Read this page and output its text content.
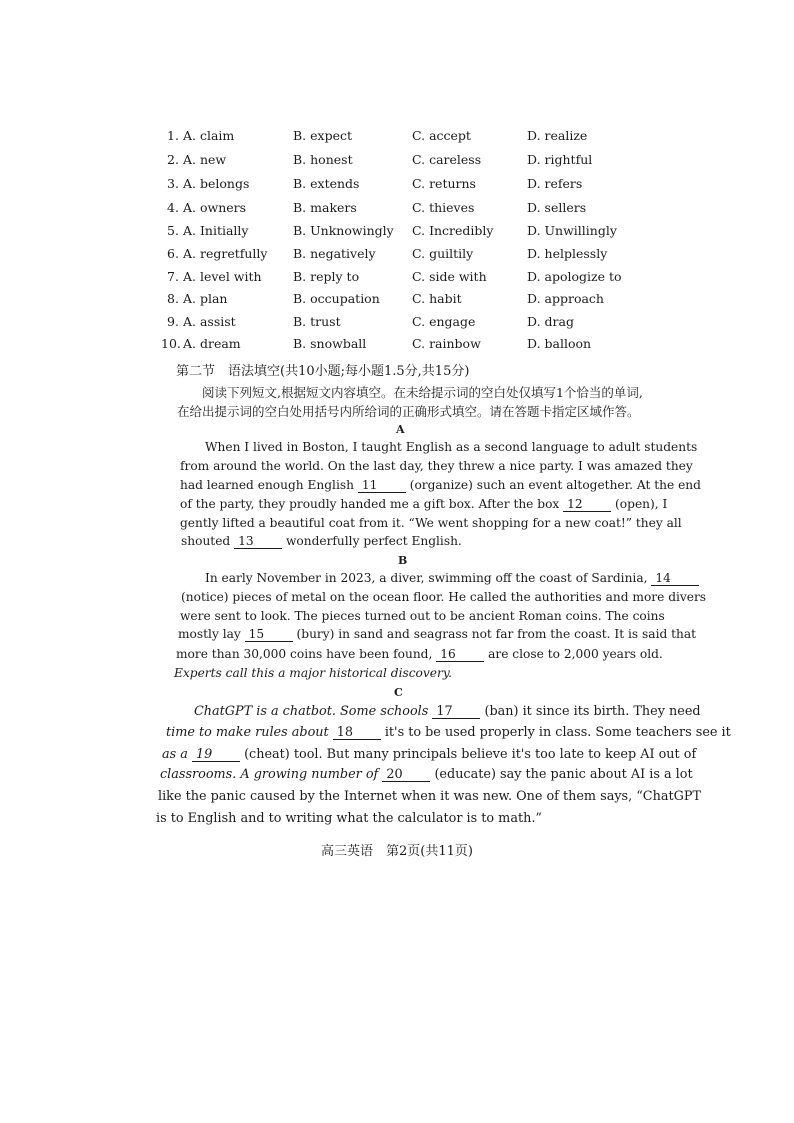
1. A. claim	B. expect	C. accept	D. realize
2. A. new	B. honest	C. careless	D. rightful
3. A. belongs	B. extends	C. returns	D. refers
4. A. owners	B. makers	C. thieves	D. sellers
5. A. Initially	B. Unknowingly C. Incredibly	D. Unwillingly
6. A. regretfully B. negatively	C. guiltily	D. helplessly
7. A. level with	B. reply to	C. side with	D. apologize to
8. A. plan	B. occupation	C. habit	D. approach
9. A. assist	B. trust	C. engage	D. drag
10. A. dream	B. snowball	C. rainbow	D. balloon
第二节　语法填空(共10小题;每小题1.5分,共15分)
阅读下列短文,根据短文内容填空。在未给提示词的空白处仅填写1个恰当的单词,
在给出提示词的空白处用括号内所给词的正确形式填空。请在答题卡指定区域作答。
A
When I lived in Boston, I taught English as a second language to adult students
from around the world. On the last day, they threw a nice party. I was amazed they
had learned enough English 11	(organize) such an event altogether. At the end
of the party, they proudly handed me a gift box. After the box 12	(open), I
gently lifted a beautiful coat from it. “We went shopping for a new coat!” they all
shouted 13	wonderfully perfect English.
B
In early November in 2023, a diver, swimming off the coast of Sardinia, 14
(notice) pieces of metal on the ocean floor. He called the authorities and more divers
were sent to look. The pieces turned out to be ancient Roman coins. The coins
mostly lay 15	(bury) in sand and seagrass not far from the coast. It is said that
more than 30,000 coins have been found, 16	are close to 2,000 years old.
Experts call this a major historical discovery.
C
ChatGPT is a chatbot. Some schools 17 (ban) it since its birth. They need
time to make rules about 18 it's to be used properly in class. Some teachers see it
as a 19 (cheat) tool. But many principals believe it's too late to keep AI out of
classrooms. A growing number of 20 (educate) say the panic about AI is a lot
like the panic caused by the Internet when it was new. One of them says, “ChatGPT
is to English and to writing what the calculator is to math.”
高三英语　第2页(共11页)
